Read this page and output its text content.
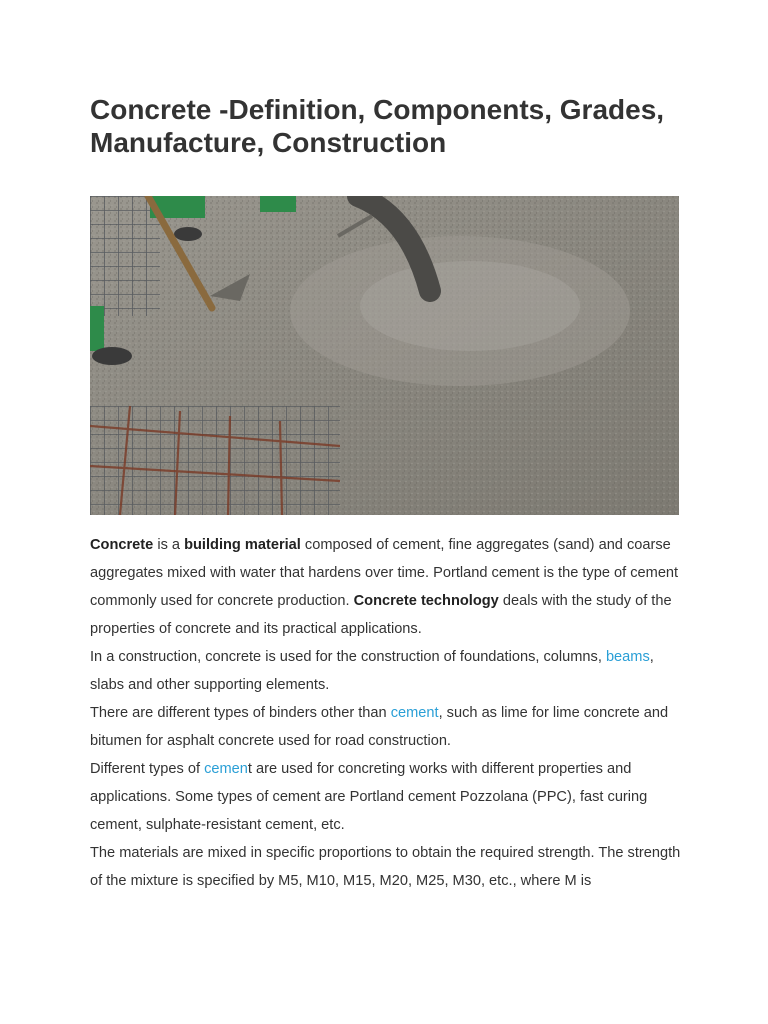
Concrete -Definition, Components, Grades, Manufacture, Construction

Concrete is a building material composed of cement, fine aggregates (sand) and coarse aggregates mixed with water that hardens over time. Portland cement is the type of cement commonly used for concrete production. Concrete technology deals with the study of the properties of concrete and its practical applications.

In a construction, concrete is used for the construction of foundations, columns, beams, slabs and other supporting elements.

There are different types of binders other than cement, such as lime for lime concrete and bitumen for asphalt concrete used for road construction.

Different types of cement are used for concreting works with different properties and applications. Some types of cement are Portland cement Pozzolana (PPC), fast curing cement, sulphate-resistant cement, etc.

The materials are mixed in specific proportions to obtain the required strength. The strength of the mixture is specified by M5, M10, M15, M20, M25, M30, etc., where M is
